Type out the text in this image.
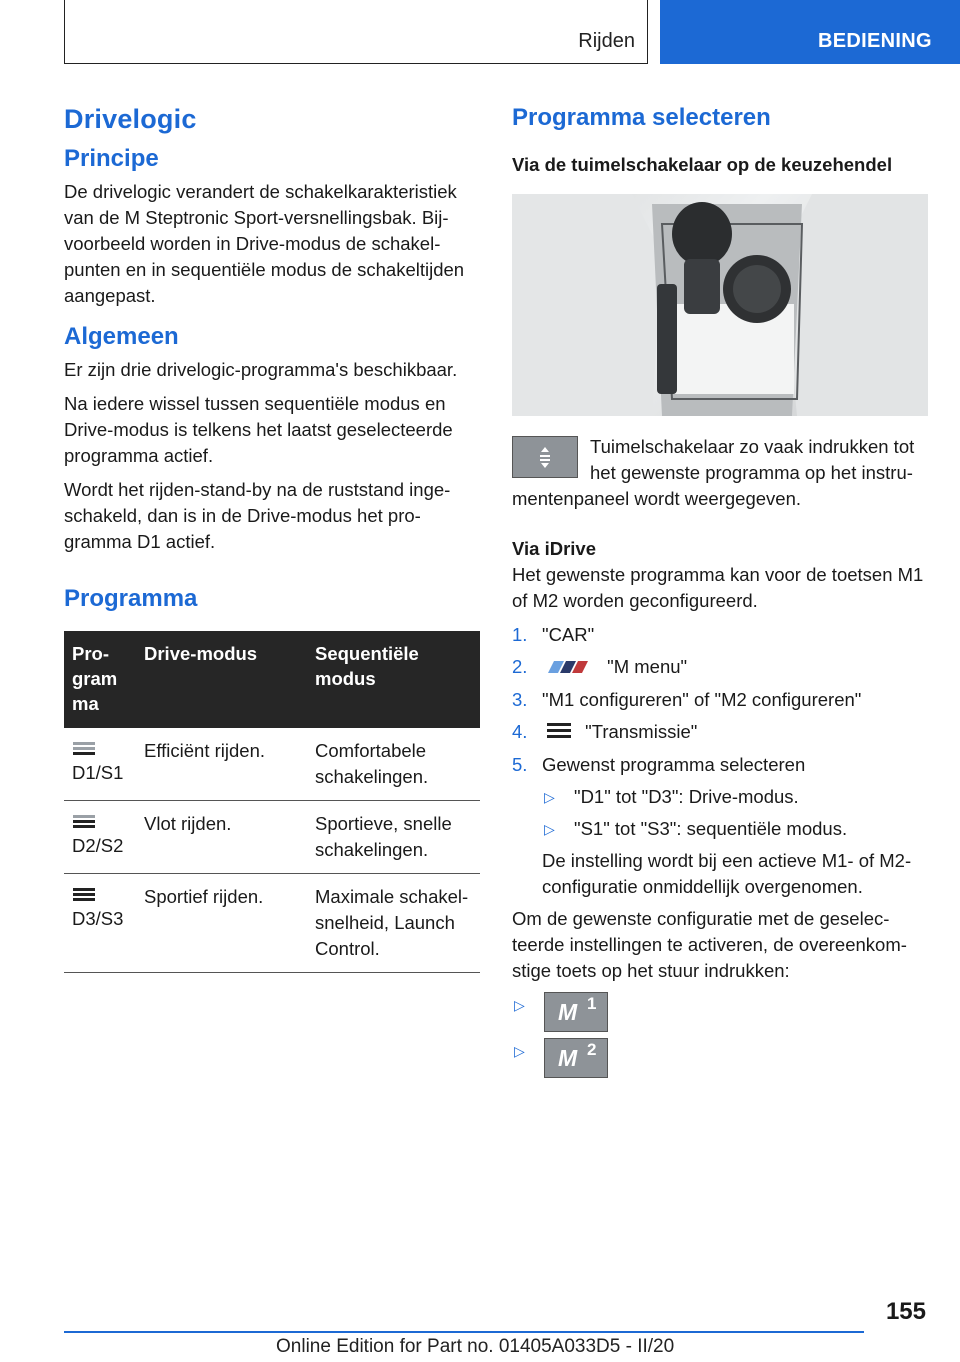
Rijden	BEDIENING
Drivelogic
Principe

De drivelogic verandert de schakelkarakteristiek van de M Steptronic Sport-versnellingsbak. Bij-voorbeeld worden in Drive-modus de schakel-punten en in sequentiële modus de schakeltijden aangepast.

Algemeen

Er zijn drie drivelogic-programma's beschikbaar.

Na iedere wissel tussen sequentiële modus en Drive-modus is telkens het laatst geselecteerde programma actief.

Wordt het rijden-stand-by na de ruststand inge-schakeld, dan is in de Drive-modus het pro-gramma D1 actief.

Programma
Pro-gram ma	Drive-modus	Sequentiële modus

D1/S1	Efficiënt rijden.	Comfortabele schakelingen.

D2/S2	Vlot rijden.	Sportieve, snelle schakelingen.

D3/S3	Sportief rijden.	Maximale schakel-snelheid, Launch Control.
Programma selecteren
Via de tuimelschakelaar op de keuzehendel

Tuimelschakelaar zo vaak indrukken tot het gewenste programma op het instru-mentenpaneel wordt weergegeven.

Via iDrive

Het gewenste programma kan voor de toetsen M1 of M2 worden geconfigureerd.

1. "CAR"
2.	"M menu"
3. "M1 configureren" of "M2 configureren"
4.	"Transmissie"
5. Gewenst programma selecteren
▷ "D1" tot "D3": Drive-modus.
▷ "S1" tot "S3": sequentiële modus.
De instelling wordt bij een actieve M1- of M2-configuratie onmiddellijk overgenomen.

Om de gewenste configuratie met de geselec-teerde instellingen te activeren, de overeenkom-stige toets op het stuur indrukken:

▷ M 1
▷ M 2
155
Online Edition for Part no. 01405A033D5 - II/20
